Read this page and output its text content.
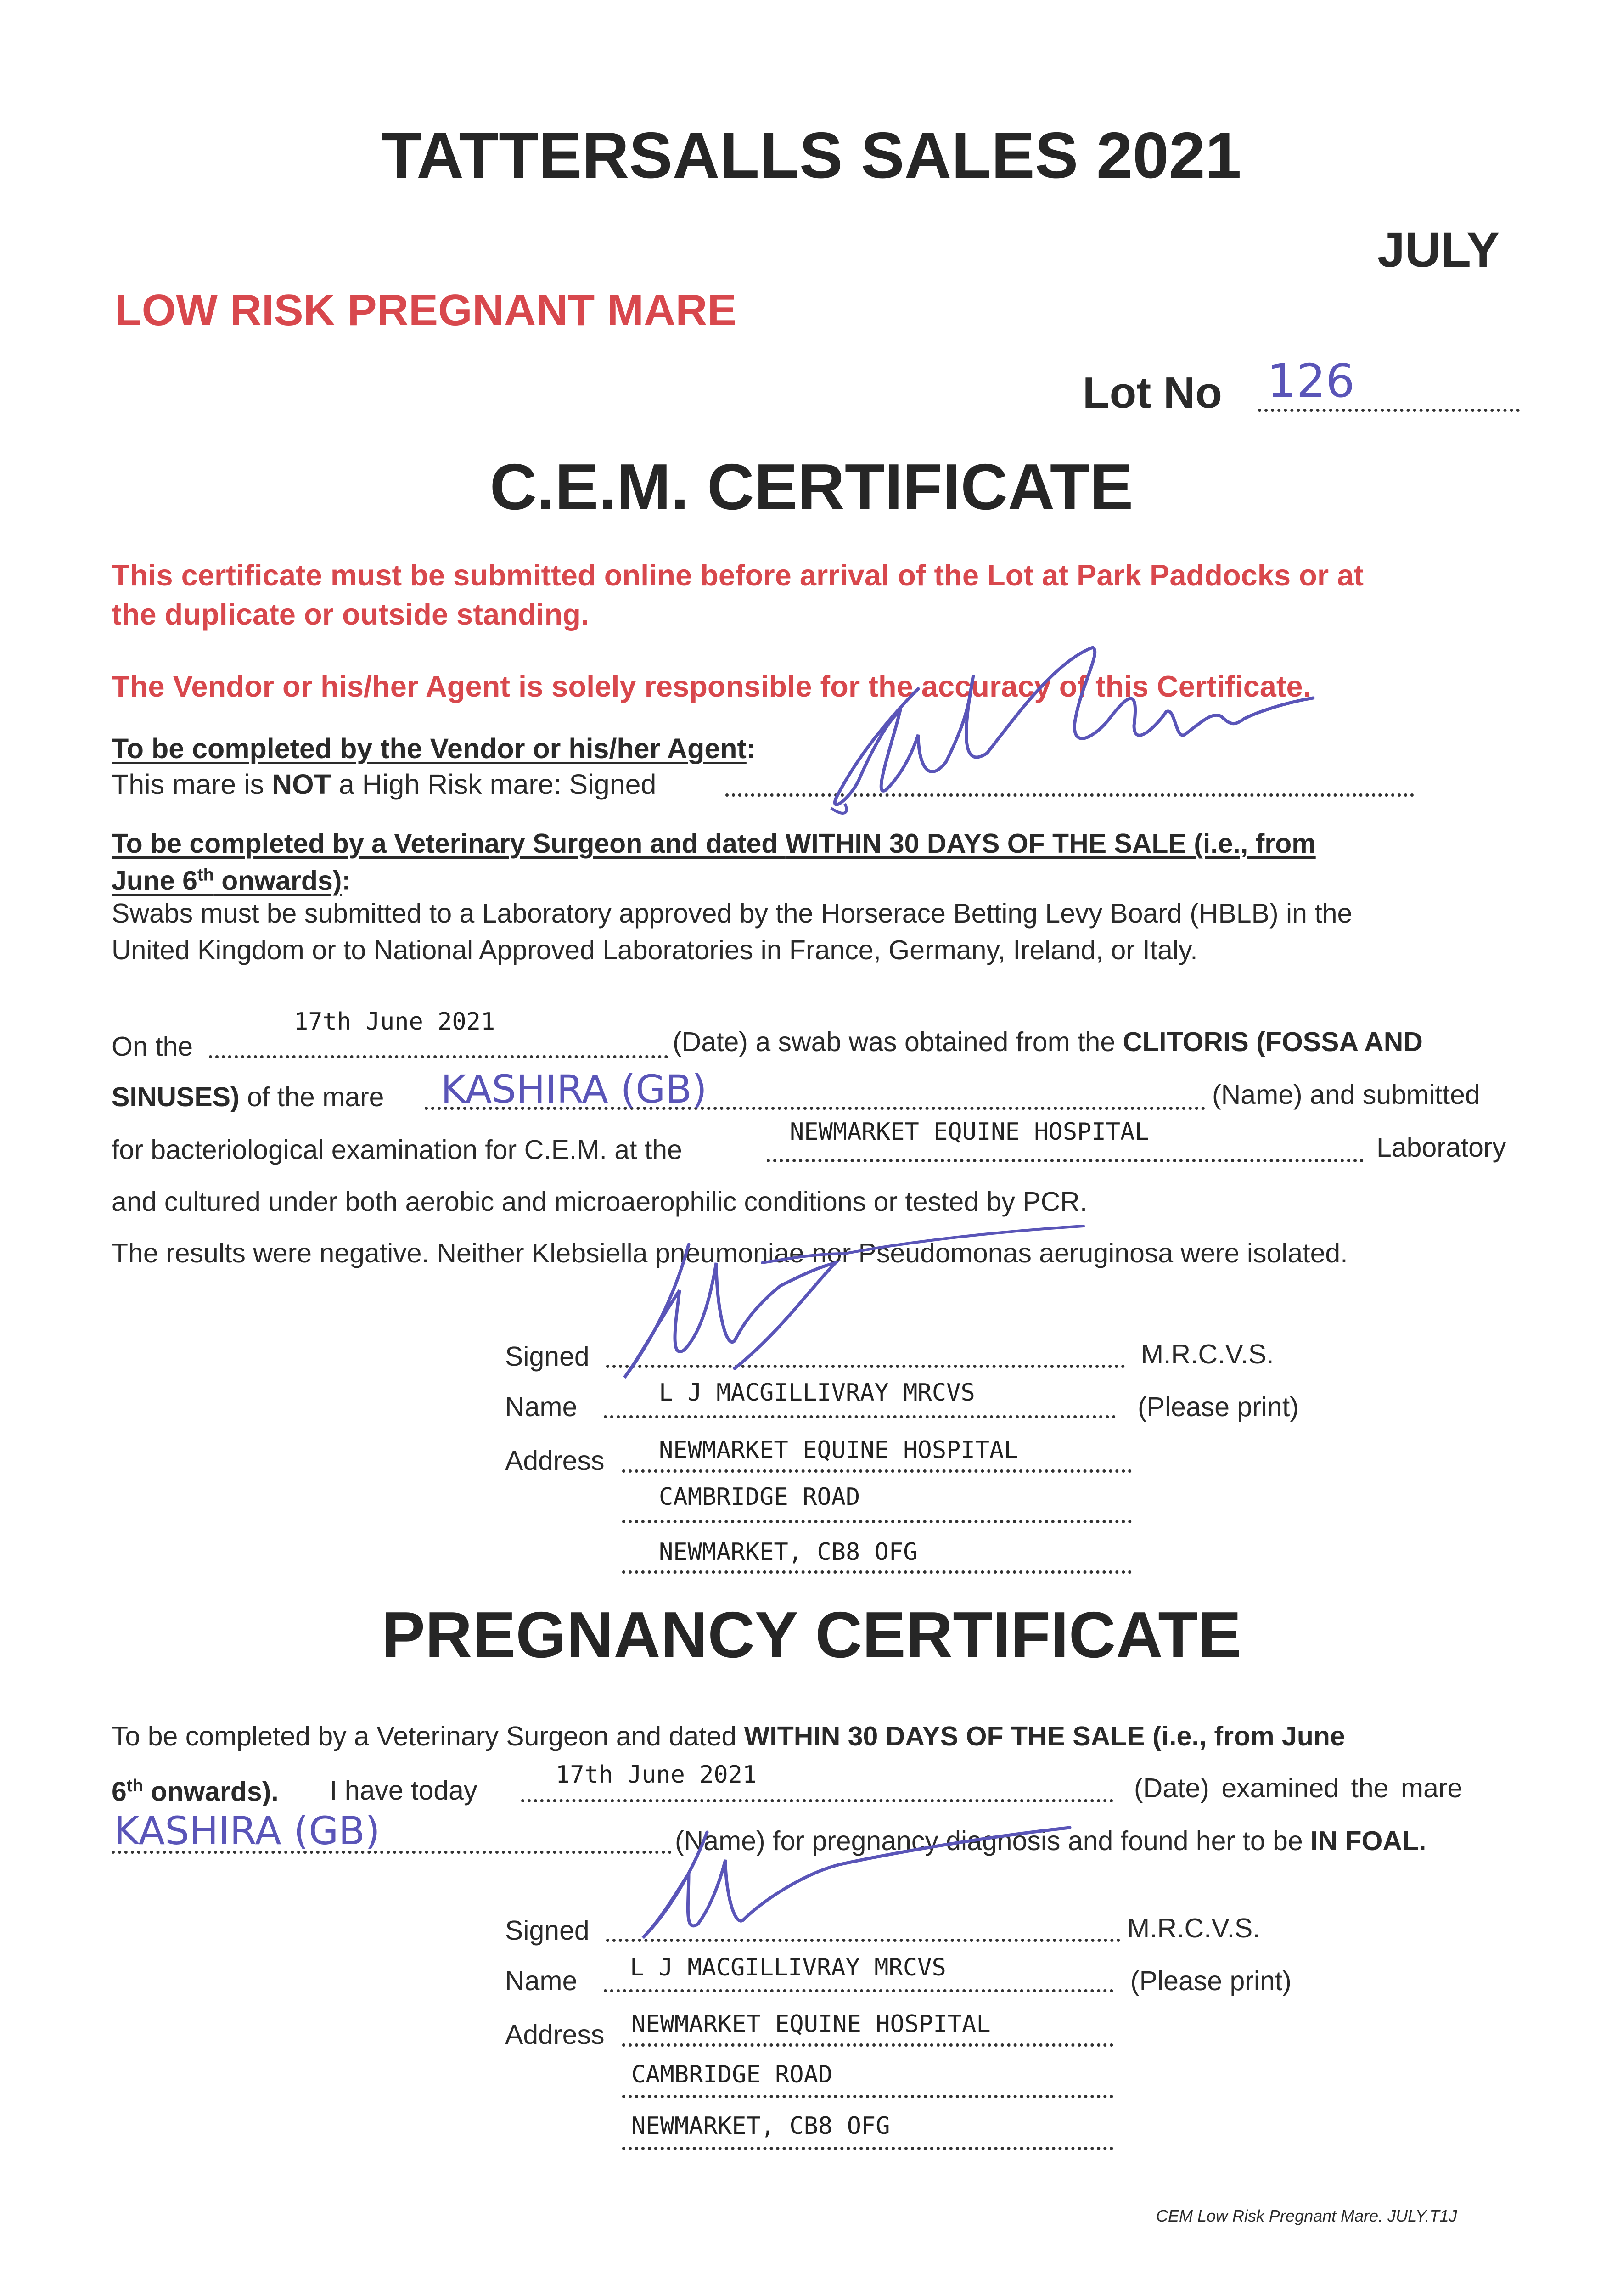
TATTERSALLS SALES 2021
JULY
LOW RISK PREGNANT MARE
Lot No 126
C.E.M. CERTIFICATE
This certificate must be submitted online before arrival of the Lot at Park Paddocks or at
the duplicate or outside standing.
The Vendor or his/her Agent is solely responsible for the accuracy of this Certificate.
To be completed by the Vendor or his/her Agent:
This mare is NOT a High Risk mare: Signed
To be completed by a Veterinary Surgeon and dated WITHIN 30 DAYS OF THE SALE (i.e., from
June 6th onwards):
Swabs must be submitted to a Laboratory approved by the Horserace Betting Levy Board (HBLB) in the
United Kingdom or to National Approved Laboratories in France, Germany, Ireland, or Italy.
On the
17th June 2021
(Date) a swab was obtained from the CLITORIS (FOSSA AND
SINUSES) of the mare KASHIRA (GB)	(Name) and submitted
for bacteriological examination for C.E.M. at the
NEWMARKET EQUINE HOSPITAL
Laboratory
and cultured under both aerobic and microaerophilic conditions or tested by PCR.
The results were negative. Neither Klebsiella pneumoniae nor Pseudomonas aeruginosa were isolated.
Signed	M.R.C.V.S.
Name	L J MACGILLIVRAY MRCVS	(Please print)
Address NEWMARKET EQUINE HOSPITAL
CAMBRIDGE ROAD
NEWMARKET, CB8 OFG
PREGNANCY CERTIFICATE
To be completed by a Veterinary Surgeon and dated WITHIN 30 DAYS OF THE SALE (i.e., from June
6th onwards). I have today
17th June 2021	(Date) examined the mare
KASHIRA (GB)	(Name) for pregnancy diagnosis and found her to be IN FOAL.
Signed	M.R.C.V.S.
Name L J MACGILLIVRAY MRCVS	(Please print)
Address NEWMARKET EQUINE HOSPITAL
CAMBRIDGE ROAD
NEWMARKET, CB8 OFG
CEM Low Risk Pregnant Mare. JULY.T1J
